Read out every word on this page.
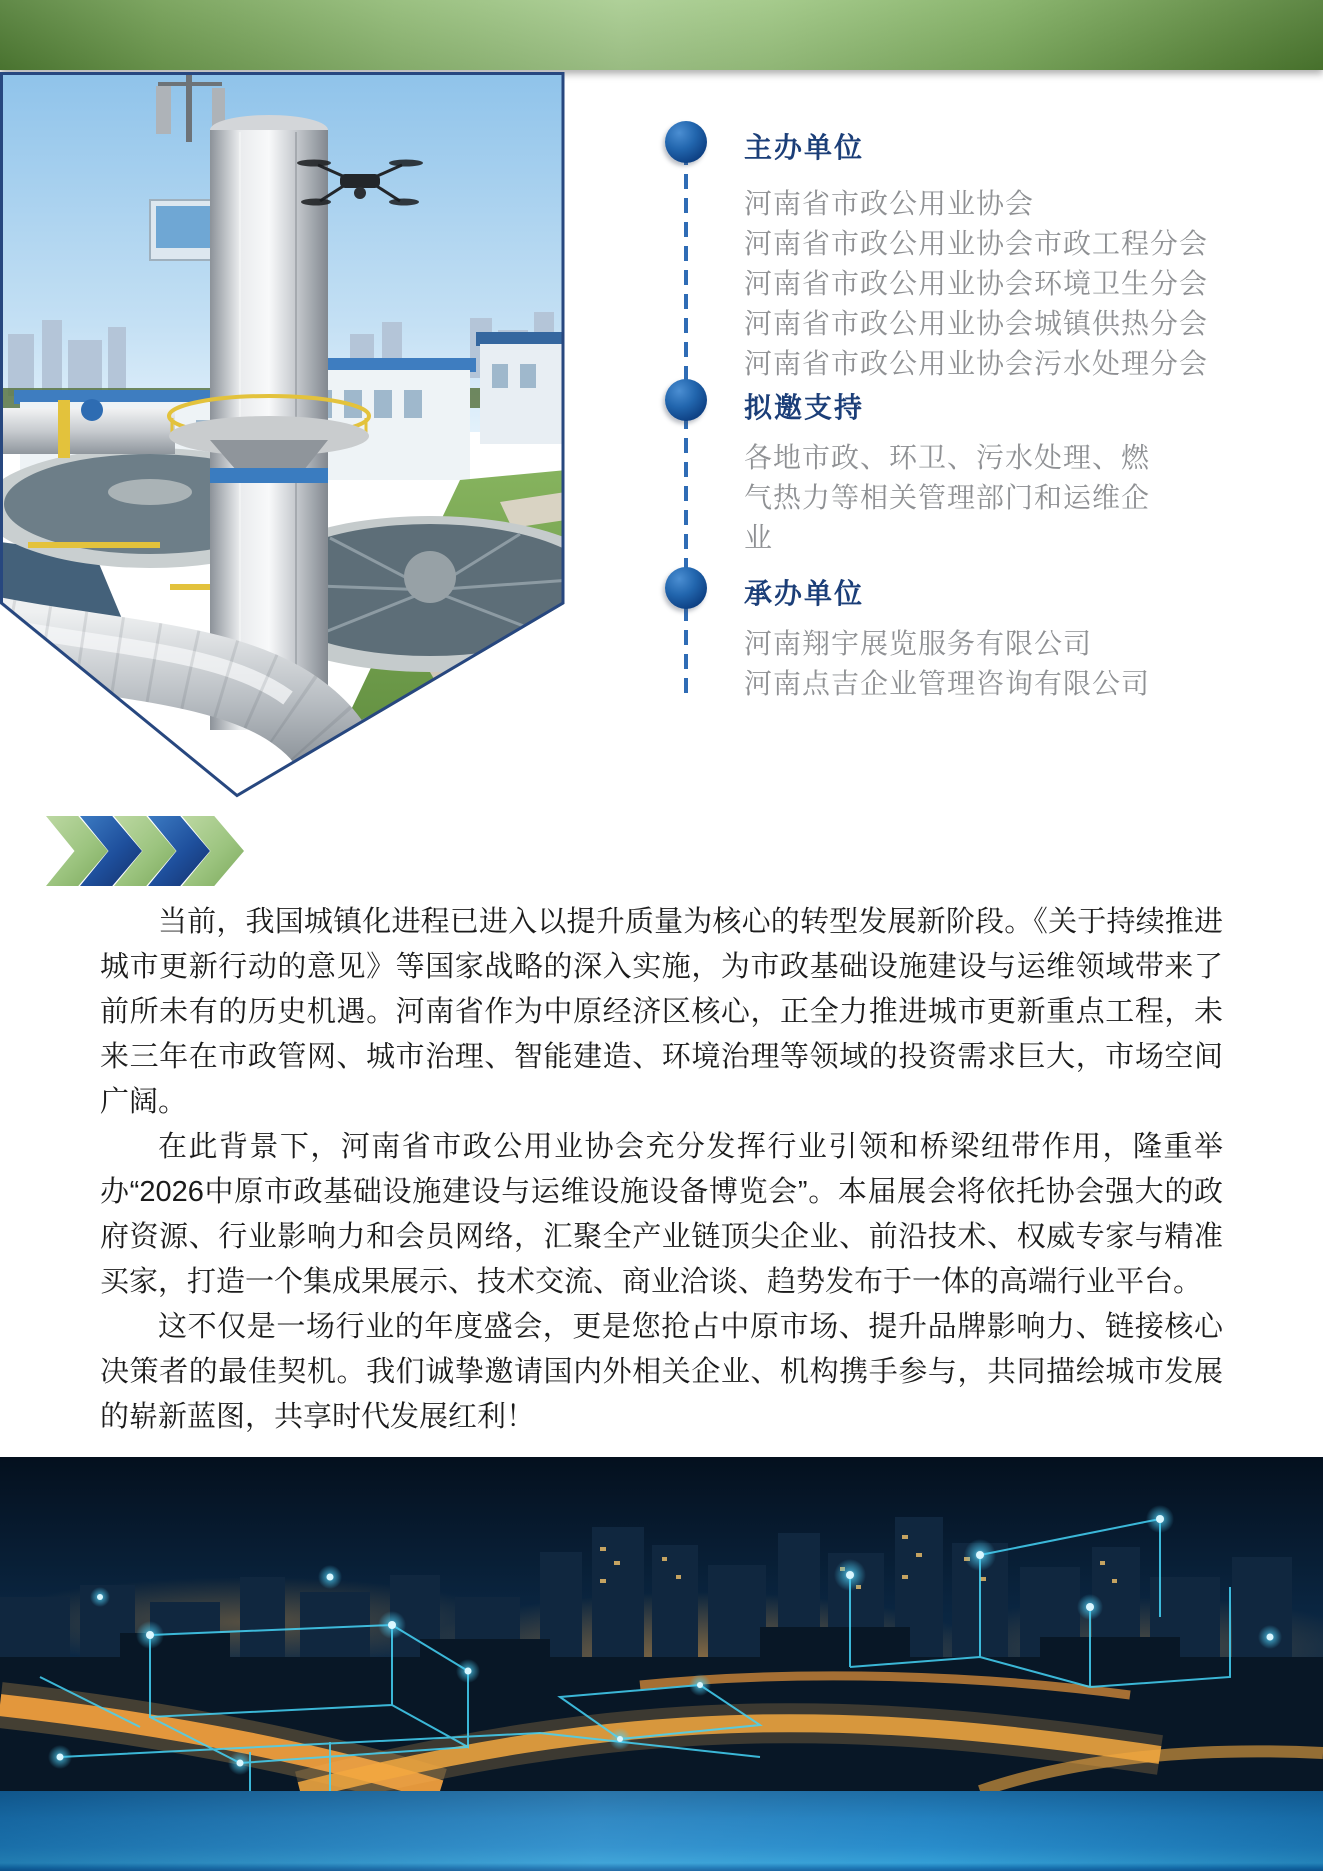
主办单位
河南省市政公用业协会
河南省市政公用业协会市政工程分会
河南省市政公用业协会环境卫生分会
河南省市政公用业协会城镇供热分会
河南省市政公用业协会污水处理分会
拟邀支持
各地市政、环卫、污水处理、燃气热力等相关管理部门和运维企业
承办单位
河南翔宇展览服务有限公司
河南点吉企业管理咨询有限公司

当前，我国城镇化进程已进入以提升质量为核心的转型发展新阶段。《关于持续推进城市更新行动的意见》等国家战略的深入实施，为市政基础设施建设与运维领域带来了前所未有的历史机遇。河南省作为中原经济区核心，正全力推进城市更新重点工程，未来三年在市政管网、城市治理、智能建造、环境治理等领域的投资需求巨大，市场空间广阔。

在此背景下，河南省市政公用业协会充分发挥行业引领和桥梁纽带作用，隆重举办“2026中原市政基础设施建设与运维设施设备博览会”。本届展会将依托协会强大的政府资源、行业影响力和会员网络，汇聚全产业链顶尖企业、前沿技术、权威专家与精准买家，打造一个集成果展示、技术交流、商业洽谈、趋势发布于一体的高端行业平台。

这不仅是一场行业的年度盛会，更是您抢占中原市场、提升品牌影响力、链接核心决策者的最佳契机。我们诚挚邀请国内外相关企业、机构携手参与，共同描绘城市发展的崭新蓝图，共享时代发展红利！
